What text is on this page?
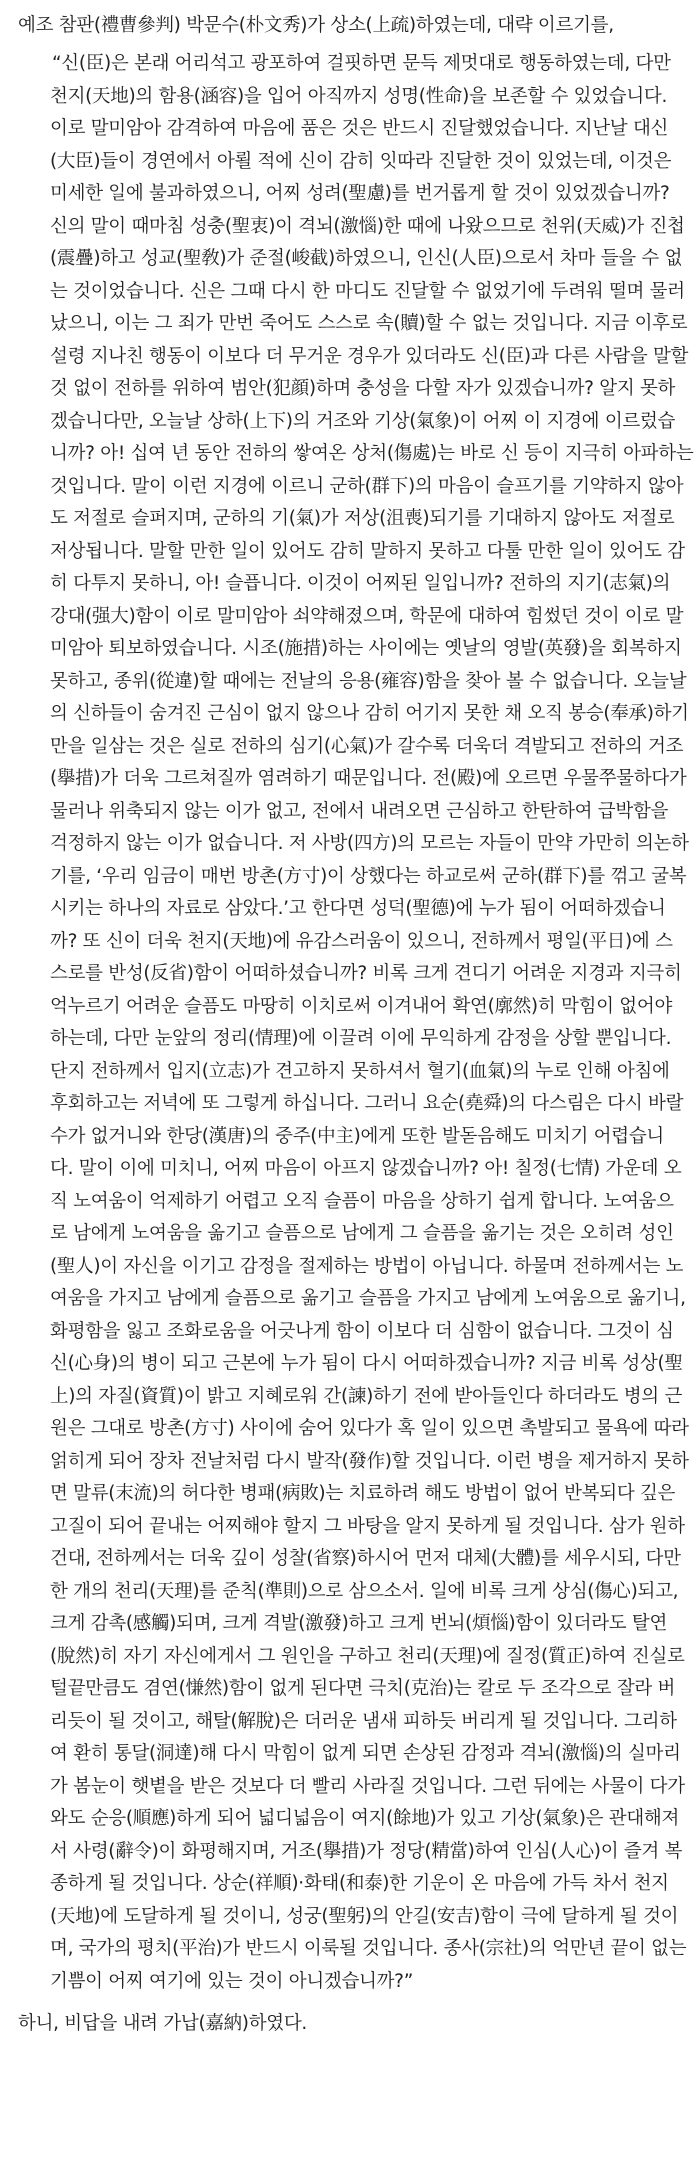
예조 참판(禮曹參判) 박문수(朴文秀)가 상소(上疏)하였는데, 대략 이르기를,
“신(臣)은 본래 어리석고 광포하여 걸핏하면 문득 제멋대로 행동하였는데, 다만
천지(天地)의 함용(涵容)을 입어 아직까지 성명(性命)을 보존할 수 있었습니다.
이로 말미암아 감격하여 마음에 품은 것은 반드시 진달했었습니다. 지난날 대신
(大臣)들이 경연에서 아뢸 적에 신이 감히 잇따라 진달한 것이 있었는데, 이것은
미세한 일에 불과하였으니, 어찌 성려(聖慮)를 번거롭게 할 것이 있었겠습니까?
신의 말이 때마침 성충(聖衷)이 격뇌(激惱)한 때에 나왔으므로 천위(天威)가 진첩
(震疊)하고 성교(聖敎)가 준절(峻截)하였으니, 인신(人臣)으로서 차마 들을 수 없
는 것이었습니다. 신은 그때 다시 한 마디도 진달할 수 없었기에 두려워 떨며 물러
났으니, 이는 그 죄가 만번 죽어도 스스로 속(贖)할 수 없는 것입니다. 지금 이후로
설령 지나친 행동이 이보다 더 무거운 경우가 있더라도 신(臣)과 다른 사람을 말할
것 없이 전하를 위하여 범안(犯顔)하며 충성을 다할 자가 있겠습니까? 알지 못하
겠습니다만, 오늘날 상하(上下)의 거조와 기상(氣象)이 어찌 이 지경에 이르렀습
니까? 아! 십여 년 동안 전하의 쌓여온 상처(傷處)는 바로 신 등이 지극히 아파하는
것입니다. 말이 이런 지경에 이르니 군하(群下)의 마음이 슬프기를 기약하지 않아
도 저절로 슬퍼지며, 군하의 기(氣)가 저상(沮喪)되기를 기대하지 않아도 저절로
저상됩니다. 말할 만한 일이 있어도 감히 말하지 못하고 다툴 만한 일이 있어도 감
히 다투지 못하니, 아! 슬픕니다. 이것이 어찌된 일입니까? 전하의 지기(志氣)의
강대(强大)함이 이로 말미암아 쇠약해졌으며, 학문에 대하여 힘썼던 것이 이로 말
미암아 퇴보하였습니다. 시조(施措)하는 사이에는 옛날의 영발(英發)을 회복하지
못하고, 종위(從違)할 때에는 전날의 응용(雍容)함을 찾아 볼 수 없습니다. 오늘날
의 신하들이 숨겨진 근심이 없지 않으나 감히 어기지 못한 채 오직 봉승(奉承)하기
만을 일삼는 것은 실로 전하의 심기(心氣)가 갈수록 더욱더 격발되고 전하의 거조
(擧措)가 더욱 그르쳐질까 염려하기 때문입니다. 전(殿)에 오르면 우물쭈물하다가
물러나 위축되지 않는 이가 없고, 전에서 내려오면 근심하고 한탄하여 급박함을
걱정하지 않는 이가 없습니다. 저 사방(四方)의 모르는 자들이 만약 가만히 의논하
기를, ‘우리 임금이 매번 방촌(方寸)이 상했다는 하교로써 군하(群下)를 꺾고 굴복
시키는 하나의 자료로 삼았다.’고 한다면 성덕(聖德)에 누가 됨이 어떠하겠습니
까? 또 신이 더욱 천지(天地)에 유감스러움이 있으니, 전하께서 평일(平日)에 스
스로를 반성(反省)함이 어떠하셨습니까? 비록 크게 견디기 어려운 지경과 지극히
억누르기 어려운 슬픔도 마땅히 이치로써 이겨내어 확연(廓然)히 막힘이 없어야
하는데, 다만 눈앞의 정리(情理)에 이끌려 이에 무익하게 감정을 상할 뿐입니다.
단지 전하께서 입지(立志)가 견고하지 못하셔서 혈기(血氣)의 누로 인해 아침에
후회하고는 저녁에 또 그렇게 하십니다. 그러니 요순(堯舜)의 다스림은 다시 바랄
수가 없거니와 한당(漢唐)의 중주(中主)에게 또한 발돋음해도 미치기 어렵습니
다. 말이 이에 미치니, 어찌 마음이 아프지 않겠습니까? 아! 칠정(七情) 가운데 오
직 노여움이 억제하기 어렵고 오직 슬픔이 마음을 상하기 쉽게 합니다. 노여움으
로 남에게 노여움을 옮기고 슬픔으로 남에게 그 슬픔을 옮기는 것은 오히려 성인
(聖人)이 자신을 이기고 감정을 절제하는 방법이 아닙니다. 하물며 전하께서는 노
여움을 가지고 남에게 슬픔으로 옮기고 슬픔을 가지고 남에게 노여움으로 옮기니,
화평함을 잃고 조화로움을 어긋나게 함이 이보다 더 심함이 없습니다. 그것이 심
신(心身)의 병이 되고 근본에 누가 됨이 다시 어떠하겠습니까? 지금 비록 성상(聖
上)의 자질(資質)이 밝고 지혜로워 간(諫)하기 전에 받아들인다 하더라도 병의 근
원은 그대로 방촌(方寸) 사이에 숨어 있다가 혹 일이 있으면 촉발되고 물욕에 따라
얽히게 되어 장차 전날처럼 다시 발작(發作)할 것입니다. 이런 병을 제거하지 못하
면 말류(末流)의 허다한 병패(病敗)는 치료하려 해도 방법이 없어 반복되다 깊은
고질이 되어 끝내는 어찌해야 할지 그 바탕을 알지 못하게 될 것입니다. 삼가 원하
건대, 전하께서는 더욱 깊이 성찰(省察)하시어 먼저 대체(大體)를 세우시되, 다만
한 개의 천리(天理)를 준칙(準則)으로 삼으소서. 일에 비록 크게 상심(傷心)되고,
크게 감촉(感觸)되며, 크게 격발(激發)하고 크게 번뇌(煩惱)함이 있더라도 탈연
(脫然)히 자기 자신에게서 그 원인을 구하고 천리(天理)에 질정(質正)하여 진실로
털끝만큼도 겸연(慊然)함이 없게 된다면 극치(克治)는 칼로 두 조각으로 잘라 버
리듯이 될 것이고, 해탈(解脫)은 더러운 냄새 피하듯 버리게 될 것입니다. 그리하
여 환히 통달(洞達)해 다시 막힘이 없게 되면 손상된 감정과 격뇌(激惱)의 실마리
가 봄눈이 햇볕을 받은 것보다 더 빨리 사라질 것입니다. 그런 뒤에는 사물이 다가
와도 순응(順應)하게 되어 넓디넓음이 여지(餘地)가 있고 기상(氣象)은 관대해져
서 사령(辭令)이 화평해지며, 거조(擧措)가 정당(精當)하여 인심(人心)이 즐겨 복
종하게 될 것입니다. 상순(祥順)·화태(和泰)한 기운이 온 마음에 가득 차서 천지
(天地)에 도달하게 될 것이니, 성궁(聖躬)의 안길(安吉)함이 극에 달하게 될 것이
며, 국가의 평치(平治)가 반드시 이룩될 것입니다. 종사(宗社)의 억만년 끝이 없는
기쁨이 어찌 여기에 있는 것이 아니겠습니까?”
하니, 비답을 내려 가납(嘉納)하였다.
